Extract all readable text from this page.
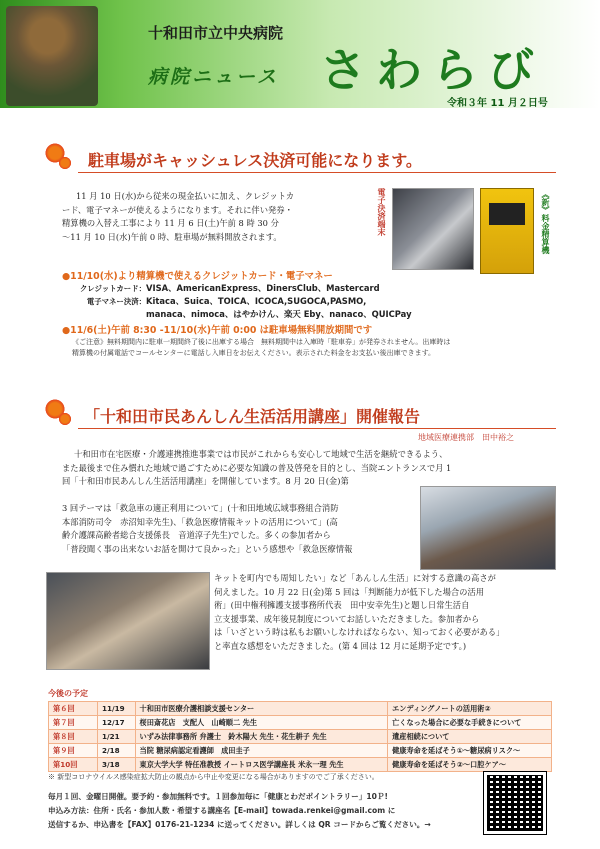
十和田市立中央病院
病院ニュース さわらび
令和３年 11 月２日号
駐車場がキャッシュレス決済可能になります。
11 月 10 日(水)から従来の現金払いに加え、クレジットカ
ード、電子マネーが使えるようになります。それに伴い発券・
精算機の入替え工事により 11 月 6 日(土)午前 8 時 30 分
～11 月 10 日(水)午前 0 時、駐車場が無料開放されます。
電子決済端末	《新》料金精算機
●11/10(水)より精算機で使えるクレジットカード・電子マネー
クレジットカード：VISA、AmericanExpress、DinersClub、Mastercard
電子マネー決済：Kitaca、Suica、TOICA、ICOCA,SUGOCA,PASMO,
manaca、nimoca、はやかけん、楽天 Eby、nanaco、QUICPay
●11/6(土)午前 8:30 -11/10(水)午前 0:00 は駐車場無料開放期間です
《ご注意》無料期間内に駐車一期間終了後に出庫する場合　無料期間中は入庫時「駐車券」が発券されません。出庫時は
精算機の付属電話でコールセンターに電話し入庫日をお伝えください。表示された料金をお支払い後出庫できます。
「十和田市民あんしん生活活用講座」開催報告
地域医療連携部　田中裕之
十和田市在宅医療・介護連携推進事業では市民がこれからも安心して地域で生活を継続できるよう、
また最後まで住み慣れた地域で過ごすために必要な知識の普及啓発を目的とし、当院エントランスで月 1
回「十和田市民あんしん生活活用講座」を開催しています。8 月 20 日(金)第
3 回テーマは「救急車の適正利用について」(十和田地域広域事務組合消防
本部消防司令　赤沼知幸先生)、「救急医療情報キットの活用について」(高
齢介護課高齢者総合支援係長　音道淳子先生)でした。多くの参加者から
「普段聞く事の出来ないお話を開けて良かった」という感想や「救急医療情報
キットを町内でも周知したい」など「あんしん生活」に対する意識の高さが
伺えました。10 月 22 日(金)第 5 回は「判断能力が低下した場合の活用
術」(田中権利擁護支援事務所代表　田中安幸先生)と題し日常生活自
立支援事業、成年後見制度についてお話しいただきました。参加者から
は「いざという時は私もお願いしなければならない、知っておく必要がある」
と率直な感想をいただきました。(第 4 回は 12 月に延期予定です。)
今後の予定
第６回	11/19	十和田市医療介護相談支援センター	エンディングノートの活用術②
第７回	12/17	桜田斎花店　支配人　山崎順二 先生	亡くなった場合に必要な手続きについて
第８回	1/21	いずみ法律事務所 弁護士　鈴木陽大 先生・花生耕子 先生	遺産相続について
第９回	2/18	当院 糖尿病認定看護師　成田圭子	健康寿命を延ばそう①～糖尿病リスク～
第10回	3/18	東京大学大学 特任准教授 イートロス医学講座長 米永一理 先生	健康寿命を延ばそう②～口腔ケア～
※ 新型コロナウイルス感染症拡大防止の観点から中止や変更になる場合がありますのでご了承ください。
毎月１回、金曜日開催。要予約・参加無料です。１回参加毎に「健康とわだポイントラリー」10Ｐ!
申込み方法：住所・氏名・参加人数・希望する講座名【E-mail】towada.renkei@gmail.com に
送信するか、申込書を【FAX】0176-21-1234 に送ってください。詳しくは QR コードからご覧ください。→
